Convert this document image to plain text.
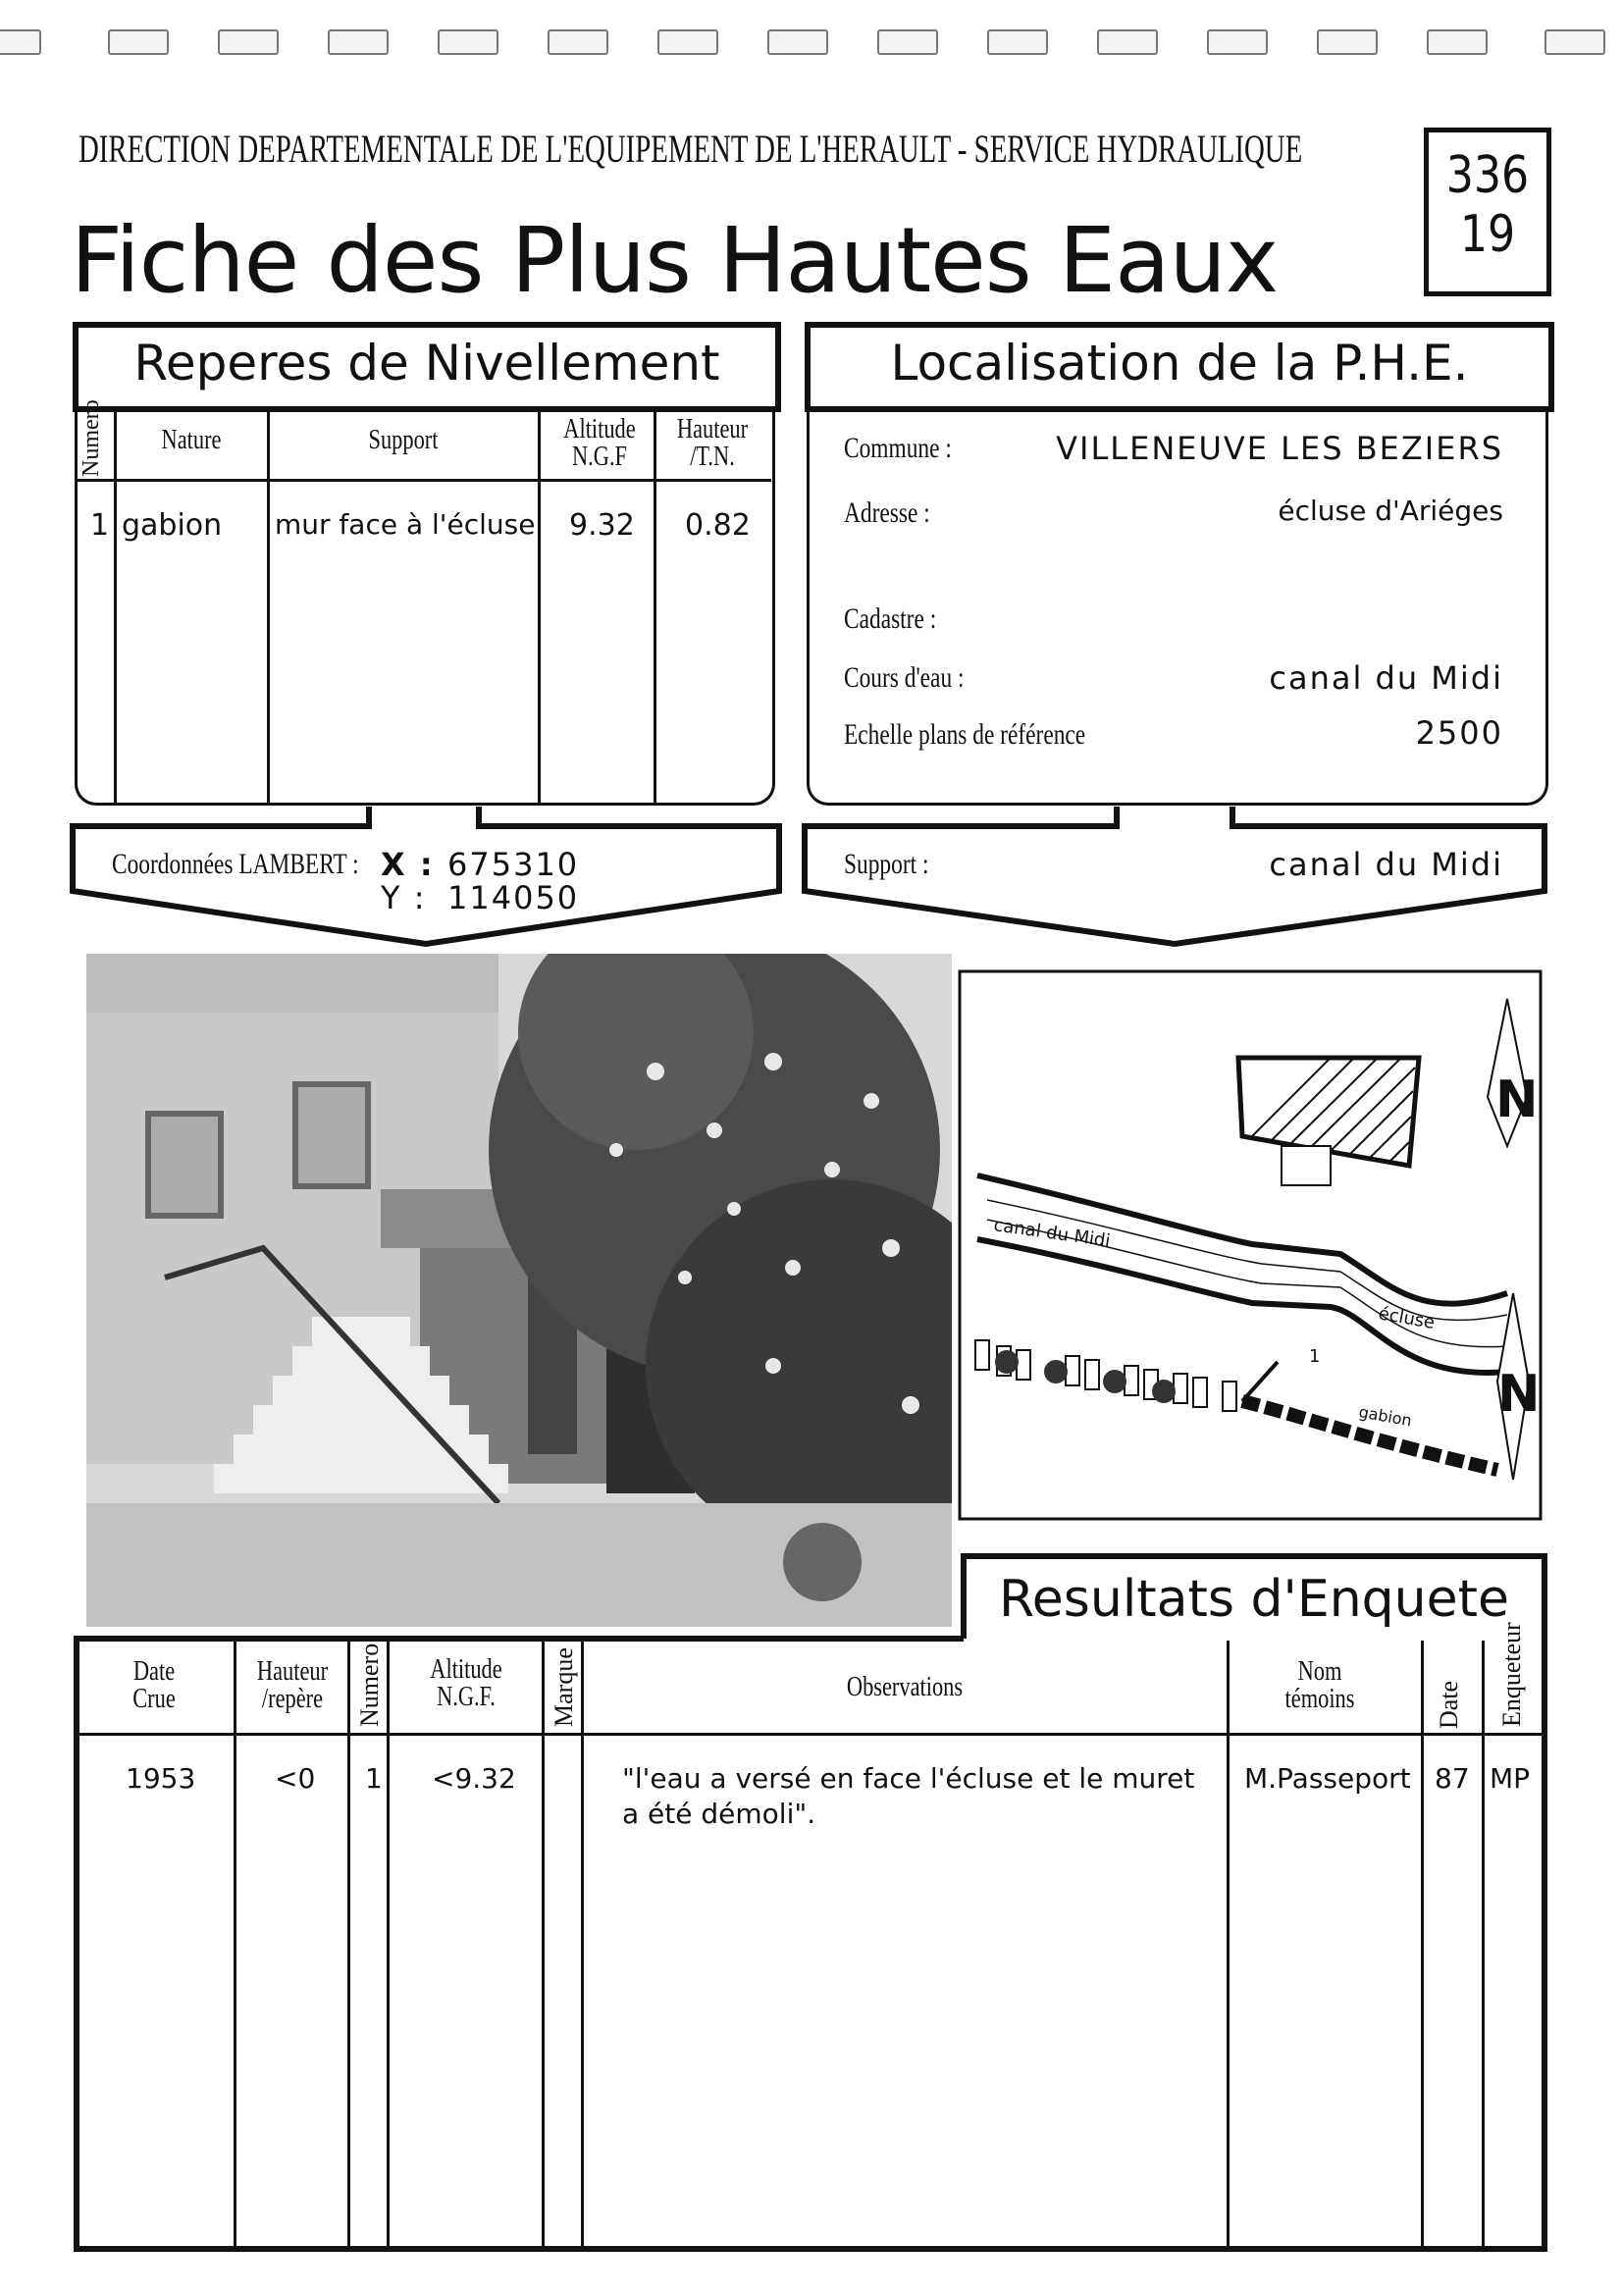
DIRECTION DEPARTEMENTALE DE L'EQUIPEMENT DE L'HERAULT - SERVICE HYDRAULIQUE
Fiche des Plus Hautes Eaux
336
19
Reperes de Nivellement
Numero	Nature	Support	Altitude N.G.F
Hauteur /T.N.
1 gabion mur face à l'écluse 9.32 0.82
Coordonnées LAMBERT : X : 675310
Y : 114050
Localisation de la P.H.E.
Commune :	VILLENEUVE LES BEZIERS
Adresse :	écluse d'Ariéges
Cadastre :
Cours d'eau :	canal du Midi
Echelle plans de référence	2500
Support :	canal du Midi
canal du Midi
écluse
gabion
1
N
N
Resultats d'Enquete
Date Crue
Hauteur /repère	Numero Altitude N.G.F.	Marque	Observations
Nom témoins	Date Enqueteur
1953	<0 1 <9.32	"l'eau a versé en face l'écluse et le muret
a été démoli".
M.Passeport 87 MP
